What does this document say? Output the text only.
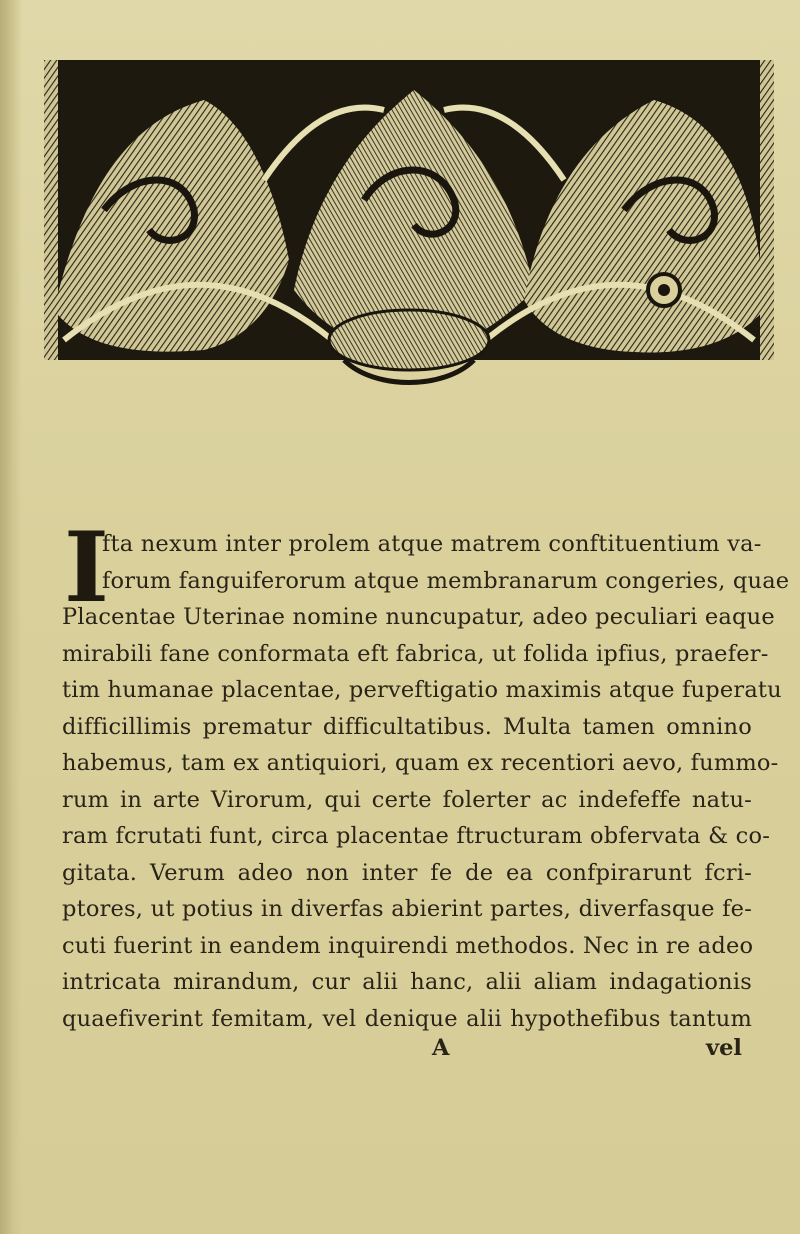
I
fta nexum inter prolem atque matrem conftituentium va-
forum fanguiferorum atque membranarum congeries, quae
Placentae Uterinae nomine nuncupatur, adeo peculiari eaque
mirabili fane conformata eft fabrica, ut folida ipfius, praefer-
tim humanae placentae, perveftigatio maximis atque fuperatu
difficillimis prematur difficultatibus. Multa tamen omnino
habemus, tam ex antiquiori, quam ex recentiori aevo, fummo-
rum in arte Virorum, qui certe folerter ac indefeffe natu-
ram fcrutati funt, circa placentae ftructuram obfervata & co-
gitata. Verum adeo non inter fe de ea confpirarunt fcri-
ptores, ut potius in diverfas abierint partes, diverfasque fe-
cuti fuerint in eandem inquirendi methodos. Nec in re adeo
intricata mirandum, cur alii hanc, alii aliam indagationis
quaefiverint femitam, vel denique alii hypothefibus tantum
A	vel
